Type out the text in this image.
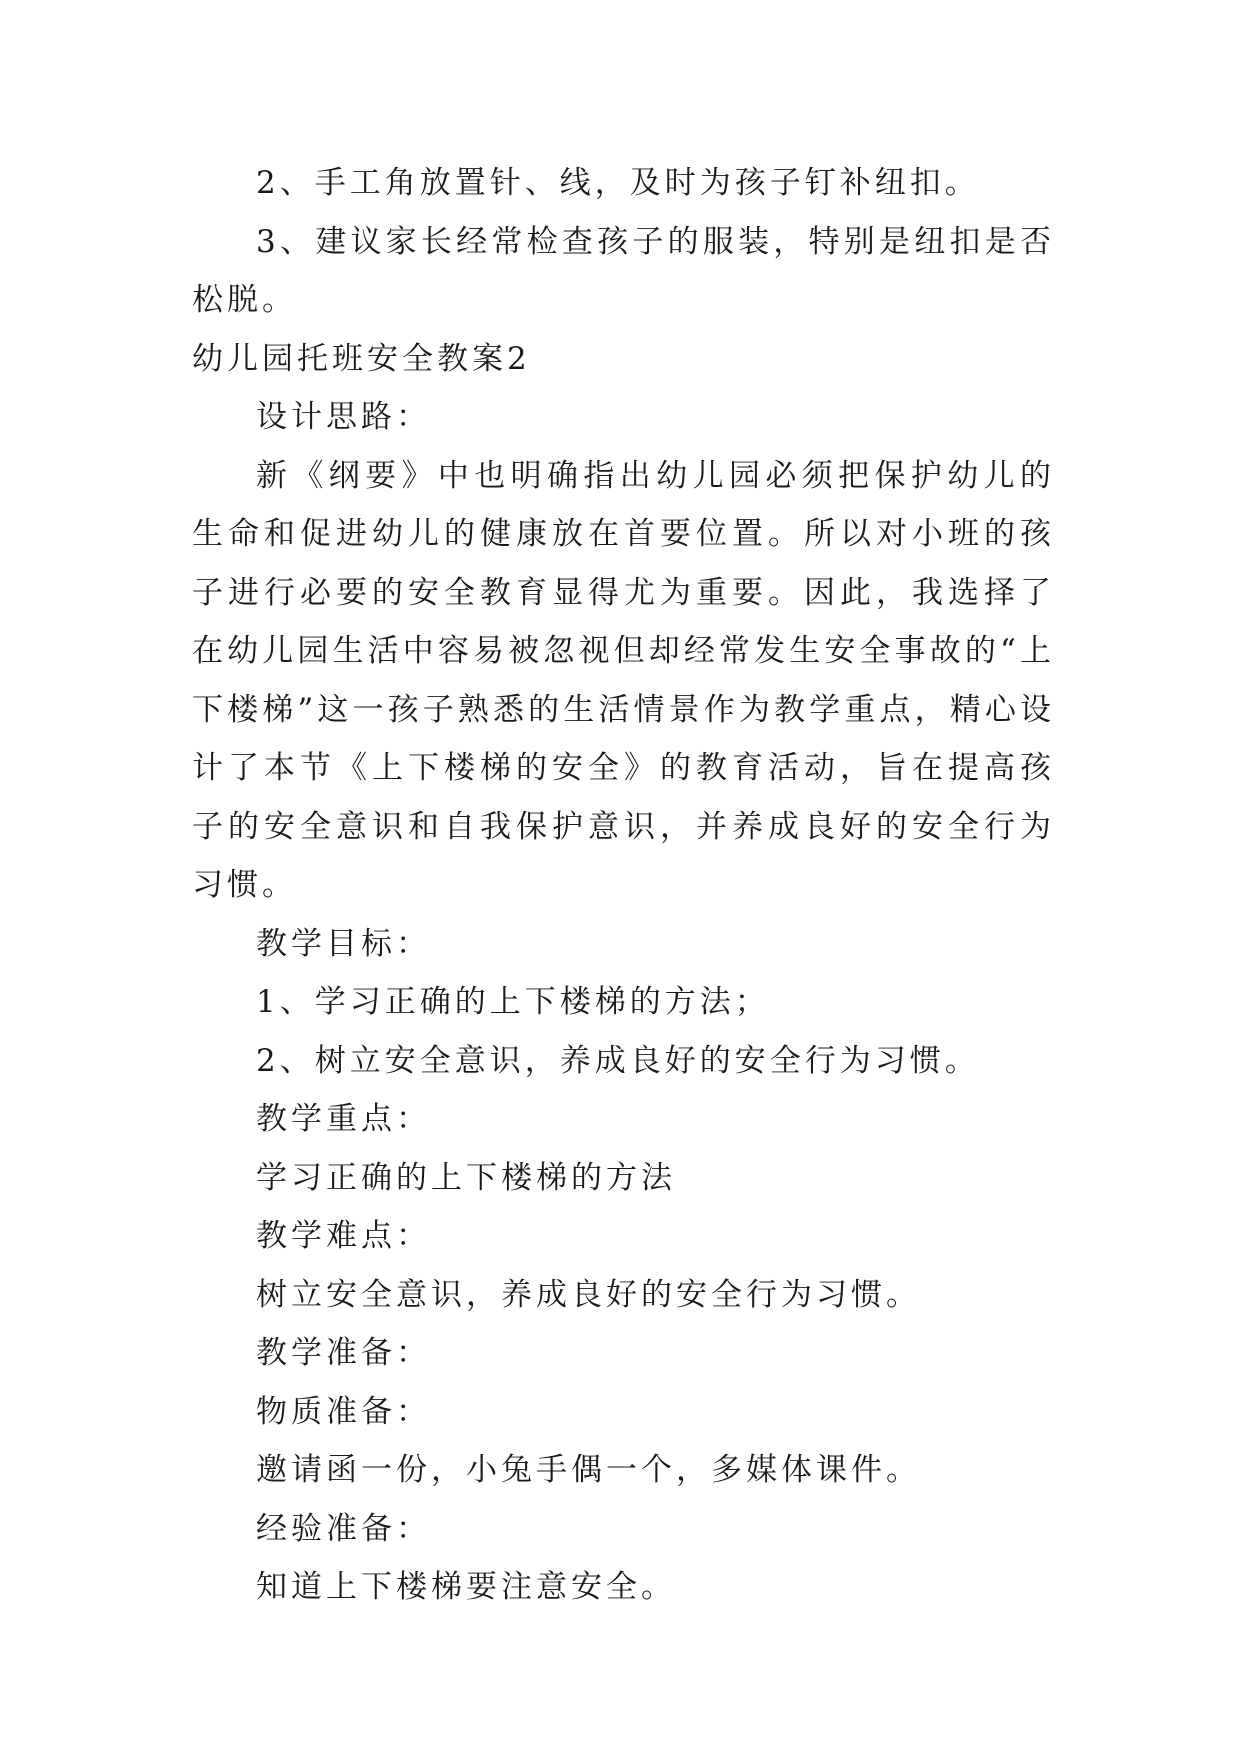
2、手工角放置针、线，及时为孩子钉补纽扣。

3、建议家长经常检查孩子的服装，特别是纽扣是否松脱。

幼儿园托班安全教案2

设计思路：

新《纲要》中也明确指出幼儿园必须把保护幼儿的生命和促进幼儿的健康放在首要位置。所以对小班的孩子进行必要的安全教育显得尤为重要。因此，我选择了在幼儿园生活中容易被忽视但却经常发生安全事故的“上下楼梯”这一孩子熟悉的生活情景作为教学重点，精心设计了本节《上下楼梯的安全》的教育活动，旨在提高孩子的安全意识和自我保护意识，并养成良好的安全行为习惯。

教学目标：

1、学习正确的上下楼梯的方法；

2、树立安全意识，养成良好的安全行为习惯。

教学重点：

学习正确的上下楼梯的方法

教学难点：

树立安全意识，养成良好的安全行为习惯。

教学准备：

物质准备：

邀请函一份，小兔手偶一个，多媒体课件。

经验准备：

知道上下楼梯要注意安全。
